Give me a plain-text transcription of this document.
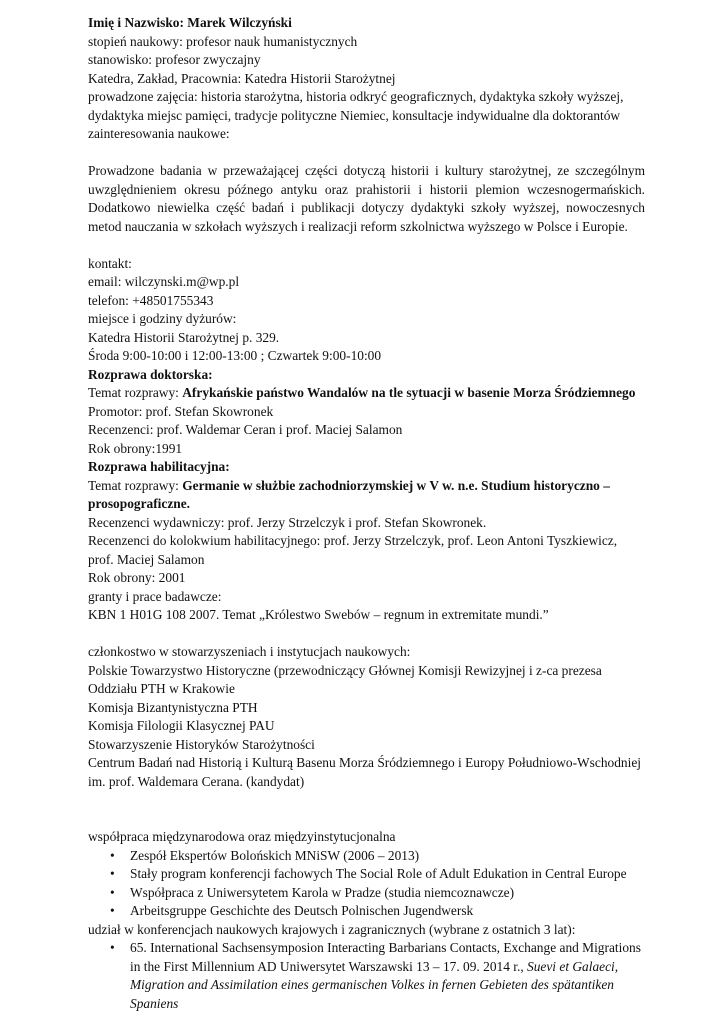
Imię i Nazwisko: Marek Wilczyński

stopień naukowy: profesor nauk humanistycznych

stanowisko: profesor zwyczajny

Katedra, Zakład, Pracownia: Katedra Historii Starożytnej

prowadzone zajęcia: historia starożytna, historia odkryć geograficznych, dydaktyka szkoły wyższej, dydaktyka miejsc pamięci, tradycje polityczne Niemiec, konsultacje indywidualne dla doktorantów

zainteresowania naukowe:

Prowadzone badania w przeważającej części dotyczą historii i kultury starożytnej, ze szczególnym uwzględnieniem okresu późnego antyku oraz prahistorii i historii plemion wczesnogermańskich. Dodatkowo niewielka część badań i publikacji dotyczy dydaktyki szkoły wyższej, nowoczesnych metod nauczania w szkołach wyższych i realizacji reform szkolnictwa wyższego w Polsce i Europie.

kontakt:

email: wilczynski.m@wp.pl

telefon: +48501755343

miejsce i godziny dyżurów:

Katedra Historii Starożytnej p. 329.

Środa 9:00-10:00 i 12:00-13:00 ; Czwartek 9:00-10:00

Rozprawa doktorska:

Temat rozprawy: Afrykańskie państwo Wandalów na tle sytuacji w basenie Morza Śródziemnego

Promotor: prof. Stefan Skowronek

Recenzenci: prof. Waldemar Ceran i prof. Maciej Salamon

Rok obrony:1991

Rozprawa habilitacyjna:

Temat rozprawy: Germanie w służbie zachodniorzymskiej w V w. n.e. Studium historyczno – prosopograficzne.

Recenzenci wydawniczy: prof. Jerzy Strzelczyk i prof. Stefan Skowronek.

Recenzenci do kolokwium habilitacyjnego: prof. Jerzy Strzelczyk, prof. Leon Antoni Tyszkiewicz, prof. Maciej Salamon

Rok obrony: 2001

granty i prace badawcze:

KBN 1 H01G 108 2007. Temat „Królestwo Swebów – regnum in extremitate mundi.”

członkostwo w stowarzyszeniach i instytucjach naukowych:

Polskie Towarzystwo Historyczne (przewodniczący Głównej Komisji Rewizyjnej i z-ca prezesa Oddziału PTH w Krakowie

Komisja Bizantynistyczna PTH

Komisja Filologii Klasycznej PAU

Stowarzyszenie Historyków Starożytności

Centrum Badań nad Historią i Kulturą Basenu Morza Śródziemnego i Europy Południowo-Wschodniej im. prof. Waldemara Cerana. (kandydat)

współpraca międzynarodowa oraz międzyinstytucjonalna

• Zespół Ekspertów Bolońskich MNiSW (2006 – 2013)
• Stały program konferencji fachowych The Social Role of Adult Edukation in Central Europe
• Współpraca z Uniwersytetem Karola w Pradze (studia niemcoznawcze)
• Arbeitsgruppe Geschichte des Deutsch Polnischen Jugendwersk

udział w konferencjach naukowych krajowych i zagranicznych (wybrane z ostatnich 3 lat):

• 65. International Sachsensymposion Interacting Barbarians Contacts, Exchange and Migrations in the First Millennium AD Uniwersytet Warszawski 13 – 17. 09. 2014 r., Suevi et Galaeci, Migration and Assimilation eines germanischen Volkes in fernen Gebieten des spätantiken Spaniens
